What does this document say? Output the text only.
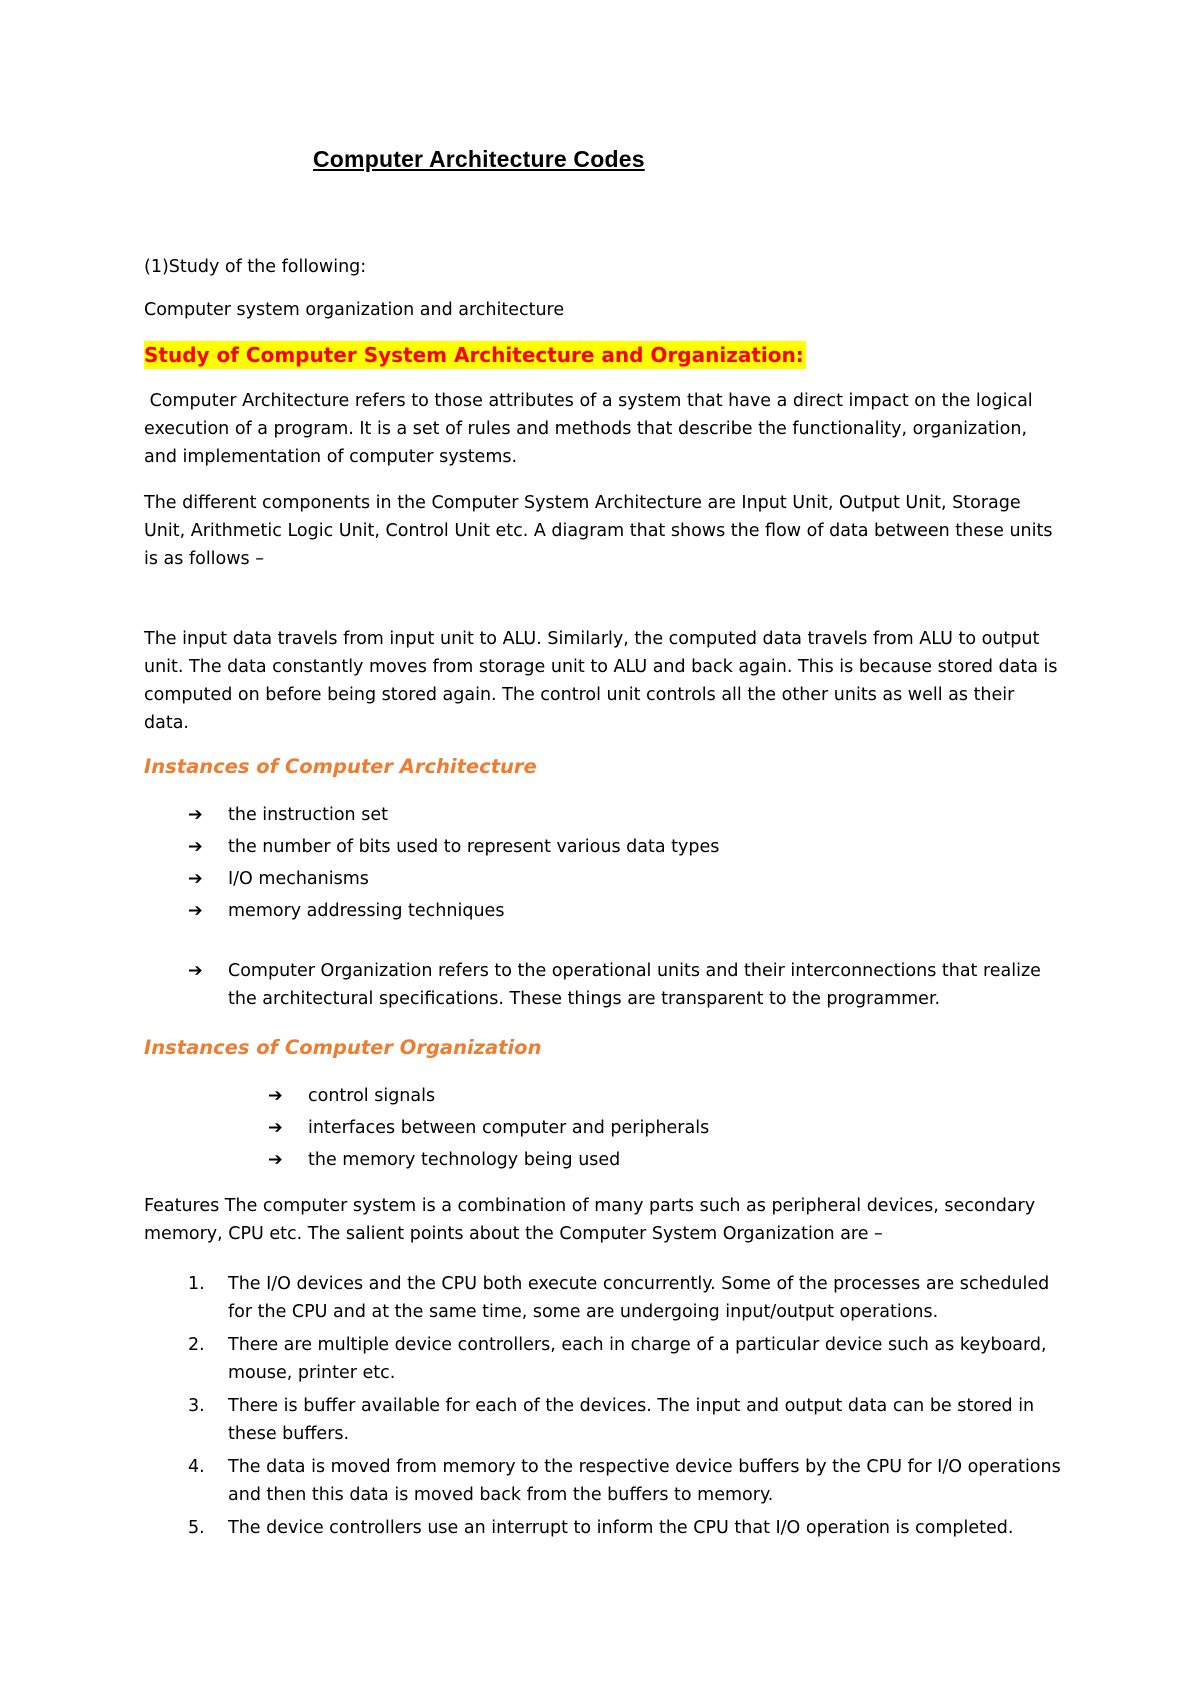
Computer Architecture Codes
(1)Study of the following:
Computer system organization and architecture
Study of Computer System Architecture and Organization:

Computer Architecture refers to those attributes of a system that have a direct impact on the logical execution of a program. It is a set of rules and methods that describe the functionality, organization, and implementation of computer systems.

The different components in the Computer System Architecture are Input Unit, Output Unit, Storage Unit, Arithmetic Logic Unit, Control Unit etc. A diagram that shows the flow of data between these units is as follows –

The input data travels from input unit to ALU. Similarly, the computed data travels from ALU to output unit. The data constantly moves from storage unit to ALU and back again. This is because stored data is computed on before being stored again. The control unit controls all the other units as well as their data.

Instances of Computer Architecture
➔ the instruction set
➔ the number of bits used to represent various data types
➔ I/O mechanisms
➔ memory addressing techniques
➔	Computer Organization refers to the operational units and their interconnections that realize the architectural specifications. These things are transparent to the programmer.
Instances of Computer Organization
➔ control signals
➔ interfaces between computer and peripherals
➔ the memory technology being used

Features The computer system is a combination of many parts such as peripheral devices, secondary memory, CPU etc. The salient points about the Computer System Organization are –

1. The I/O devices and the CPU both execute concurrently. Some of the processes are scheduled for the CPU and at the same time, some are undergoing input/output operations.
2. There are multiple device controllers, each in charge of a particular device such as keyboard, mouse, printer etc.
3. There is buffer available for each of the devices. The input and output data can be stored in these buffers.
4. The data is moved from memory to the respective device buffers by the CPU for I/O operations and then this data is moved back from the buffers to memory.
5. The device controllers use an interrupt to inform the CPU that I/O operation is completed.
